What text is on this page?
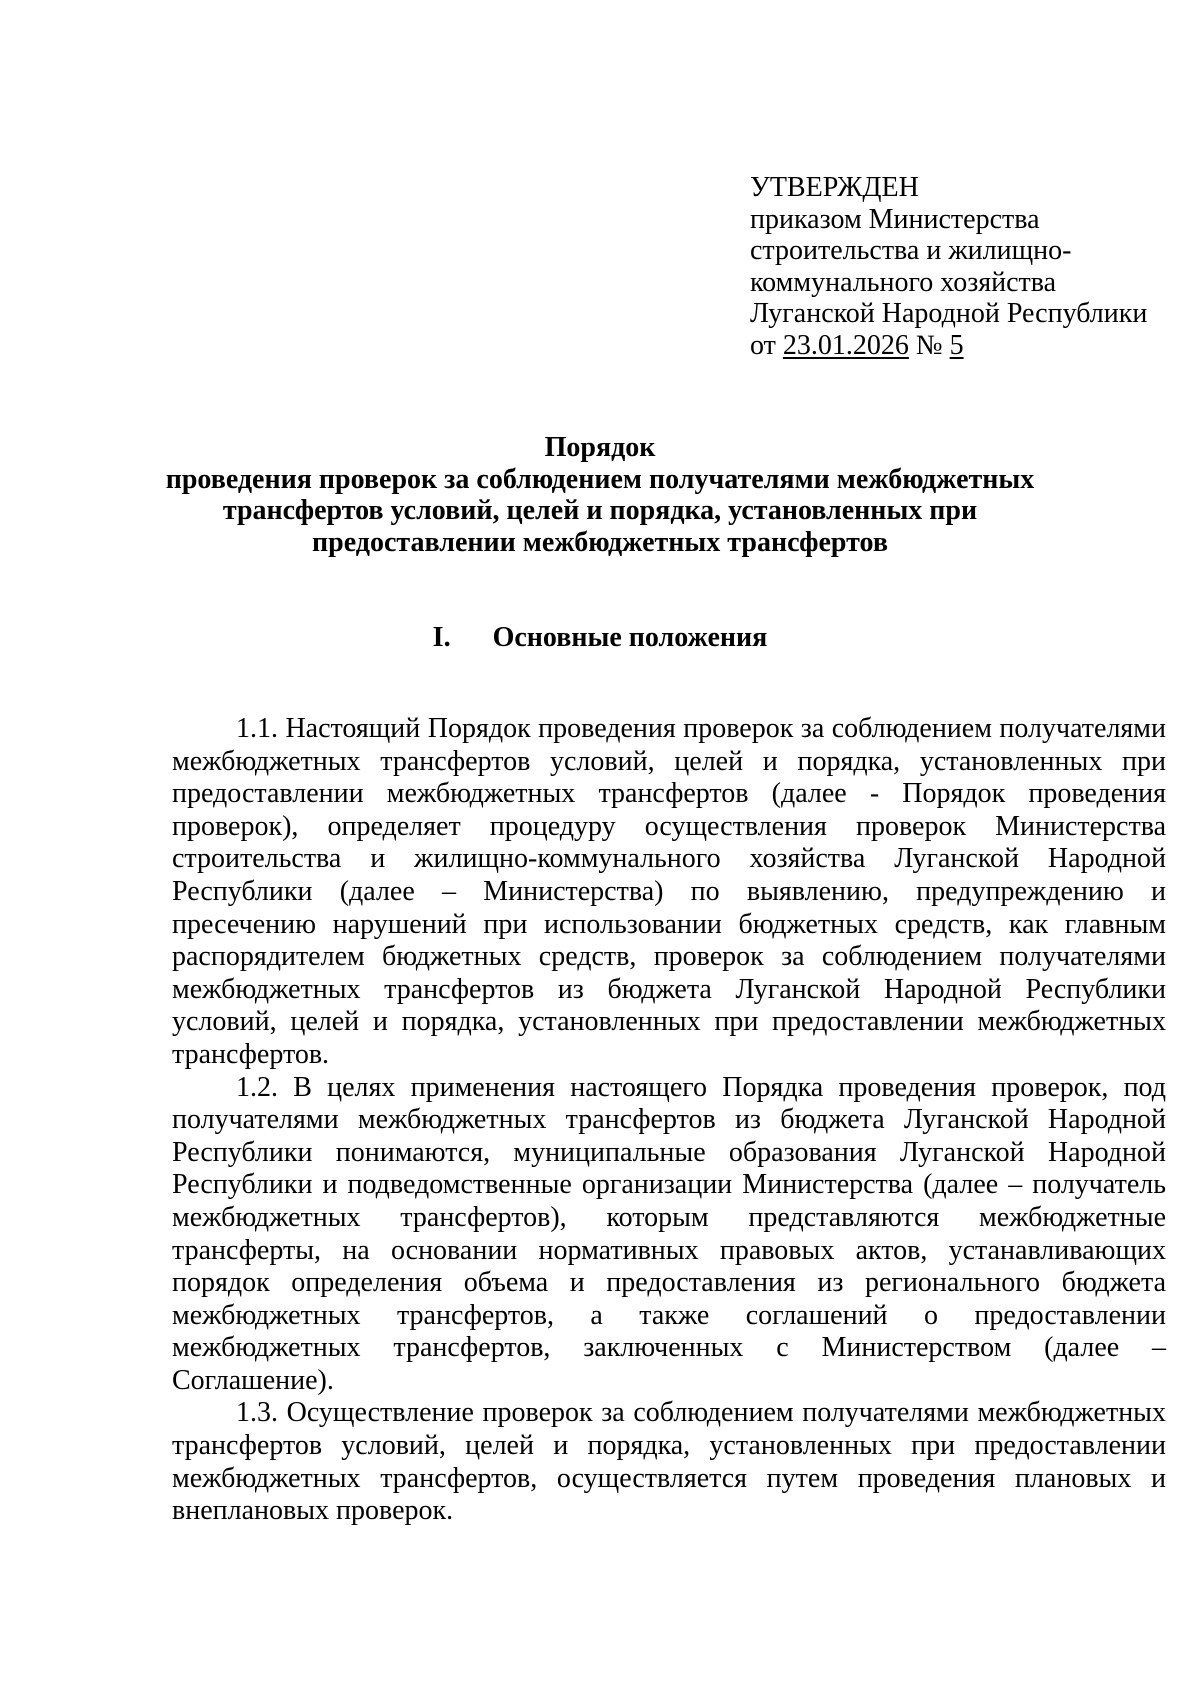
УТВЕРЖДЕН
приказом Министерства
строительства и жилищно-
коммунального хозяйства
Луганской Народной Республики
от 23.01.2026 № 5
Порядок
проведения проверок за соблюдением получателями межбюджетных
трансфертов условий, целей и порядка, установленных при
предоставлении межбюджетных трансфертов
I. Основные положения

1.1. Настоящий Порядок проведения проверок за соблюдением получателями межбюджетных трансфертов условий, целей и порядка, установленных при предоставлении межбюджетных трансфертов (далее - Порядок проведения проверок), определяет процедуру осуществления проверок Министерства строительства и жилищно-коммунального хозяйства Луганской Народной Республики (далее – Министерства) по выявлению, предупреждению и пресечению нарушений при использовании бюджетных средств, как главным распорядителем бюджетных средств, проверок за соблюдением получателями межбюджетных трансфертов из бюджета Луганской Народной Республики условий, целей и порядка, установленных при предоставлении межбюджетных трансфертов.

1.2. В целях применения настоящего Порядка проведения проверок, под получателями межбюджетных трансфертов из бюджета Луганской Народной Республики понимаются, муниципальные образования Луганской Народной Республики и подведомственные организации Министерства (далее – получатель межбюджетных трансфертов), которым представляются межбюджетные трансферты, на основании нормативных правовых актов, устанавливающих порядок определения объема и предоставления из регионального бюджета межбюджетных трансфертов, а также соглашений о предоставлении межбюджетных трансфертов, заключенных с Министерством (далее – Соглашение).

1.3. Осуществление проверок за соблюдением получателями межбюджетных трансфертов условий, целей и порядка, установленных при предоставлении межбюджетных трансфертов, осуществляется путем проведения плановых и внеплановых проверок.
